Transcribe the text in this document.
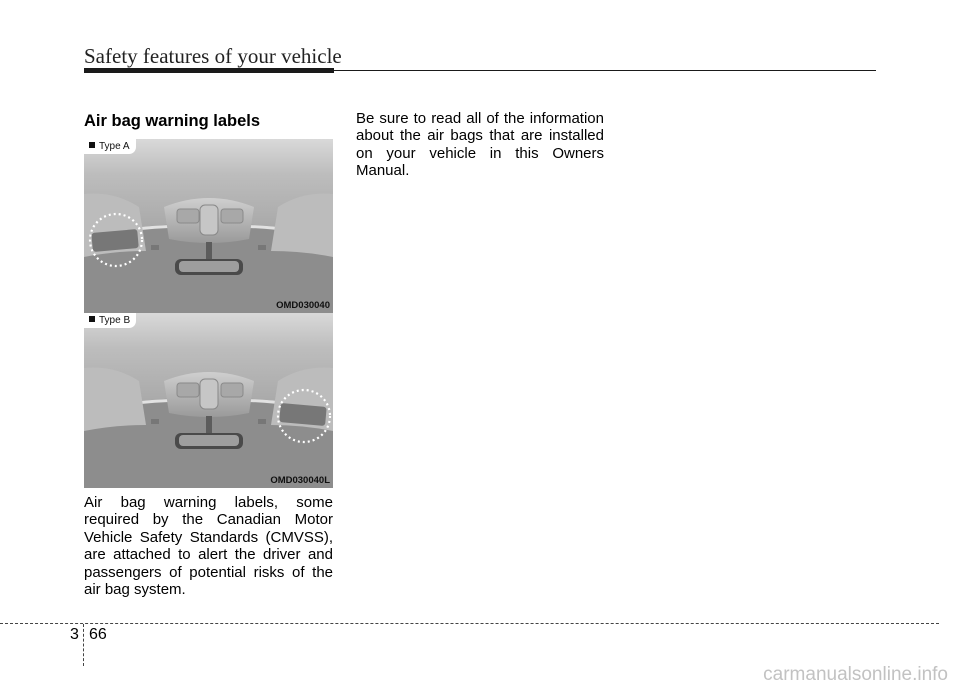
Safety features of your vehicle
Air bag warning labels
Type A
OMD030040
Type B
OMD030040L

Air bag warning labels, some required by the Canadian Motor Vehicle Safety Standards (CMVSS), are attached to alert the driver and passengers of potential risks of the air bag system.

Be sure to read all of the information about the air bags that are installed on your vehicle in this Owners Manual.

3 66
carmanualsonline.info
